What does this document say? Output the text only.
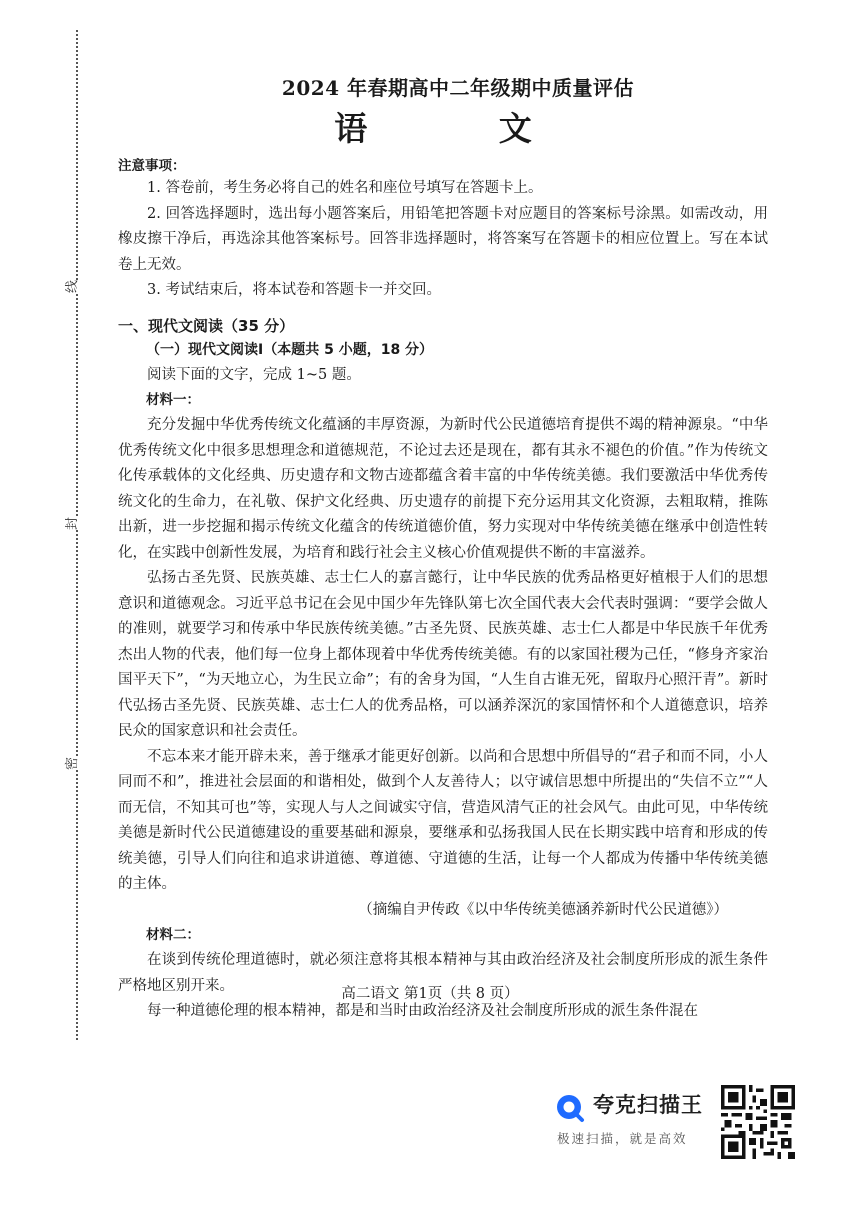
线
封
密
2024 年春期高中二年级期中质量评估
语 文
注意事项：

1. 答卷前，考生务必将自己的姓名和座位号填写在答题卡上。

2. 回答选择题时，选出每小题答案后，用铅笔把答题卡对应题目的答案标号涂黑。如需改动，用橡皮擦干净后，再选涂其他答案标号。回答非选择题时，将答案写在答题卡的相应位置上。写在本试卷上无效。

3. 考试结束后，将本试卷和答题卡一并交回。

一、现代文阅读（35 分）
（一）现代文阅读I（本题共 5 小题，18 分）

阅读下面的文字，完成 1~5 题。

材料一：

充分发掘中华优秀传统文化蕴涵的丰厚资源，为新时代公民道德培育提供不竭的精神源泉。“中华优秀传统文化中很多思想理念和道德规范，不论过去还是现在，都有其永不褪色的价值。”作为传统文化传承载体的文化经典、历史遗存和文物古迹都蕴含着丰富的中华传统美德。我们要激活中华优秀传统文化的生命力，在礼敬、保护文化经典、历史遗存的前提下充分运用其文化资源，去粗取精，推陈出新，进一步挖掘和揭示传统文化蕴含的传统道德价值，努力实现对中华传统美德在继承中创造性转化，在实践中创新性发展，为培育和践行社会主义核心价值观提供不断的丰富滋养。

弘扬古圣先贤、民族英雄、志士仁人的嘉言懿行，让中华民族的优秀品格更好植根于人们的思想意识和道德观念。习近平总书记在会见中国少年先锋队第七次全国代表大会代表时强调：“要学会做人的准则，就要学习和传承中华民族传统美德。”古圣先贤、民族英雄、志士仁人都是中华民族千年优秀杰出人物的代表，他们每一位身上都体现着中华优秀传统美德。有的以家国社稷为己任，“修身齐家治国平天下”，“为天地立心，为生民立命”；有的舍身为国，“人生自古谁无死，留取丹心照汗青”。新时代弘扬古圣先贤、民族英雄、志士仁人的优秀品格，可以涵养深沉的家国情怀和个人道德意识，培养民众的国家意识和社会责任。

不忘本来才能开辟未来，善于继承才能更好创新。以尚和合思想中所倡导的“君子和而不同，小人同而不和”，推进社会层面的和谐相处，做到个人友善待人；以守诚信思想中所提出的“失信不立”“人而无信，不知其可也”等，实现人与人之间诚实守信，营造风清气正的社会风气。由此可见，中华传统美德是新时代公民道德建设的重要基础和源泉，要继承和弘扬我国人民在长期实践中培育和形成的传统美德，引导人们向往和追求讲道德、尊道德、守道德的生活，让每一个人都成为传播中华传统美德的主体。

（摘编自尹传政《以中华传统美德涵养新时代公民道德》）

材料二：

在谈到传统伦理道德时，就必须注意将其根本精神与其由政治经济及社会制度所形成的派生条件严格地区别开来。

每一种道德伦理的根本精神，都是和当时由政治经济及社会制度所形成的派生条件混在

高二语文 第1页（共 8 页）
夸克扫描王
极速扫描，就是高效
